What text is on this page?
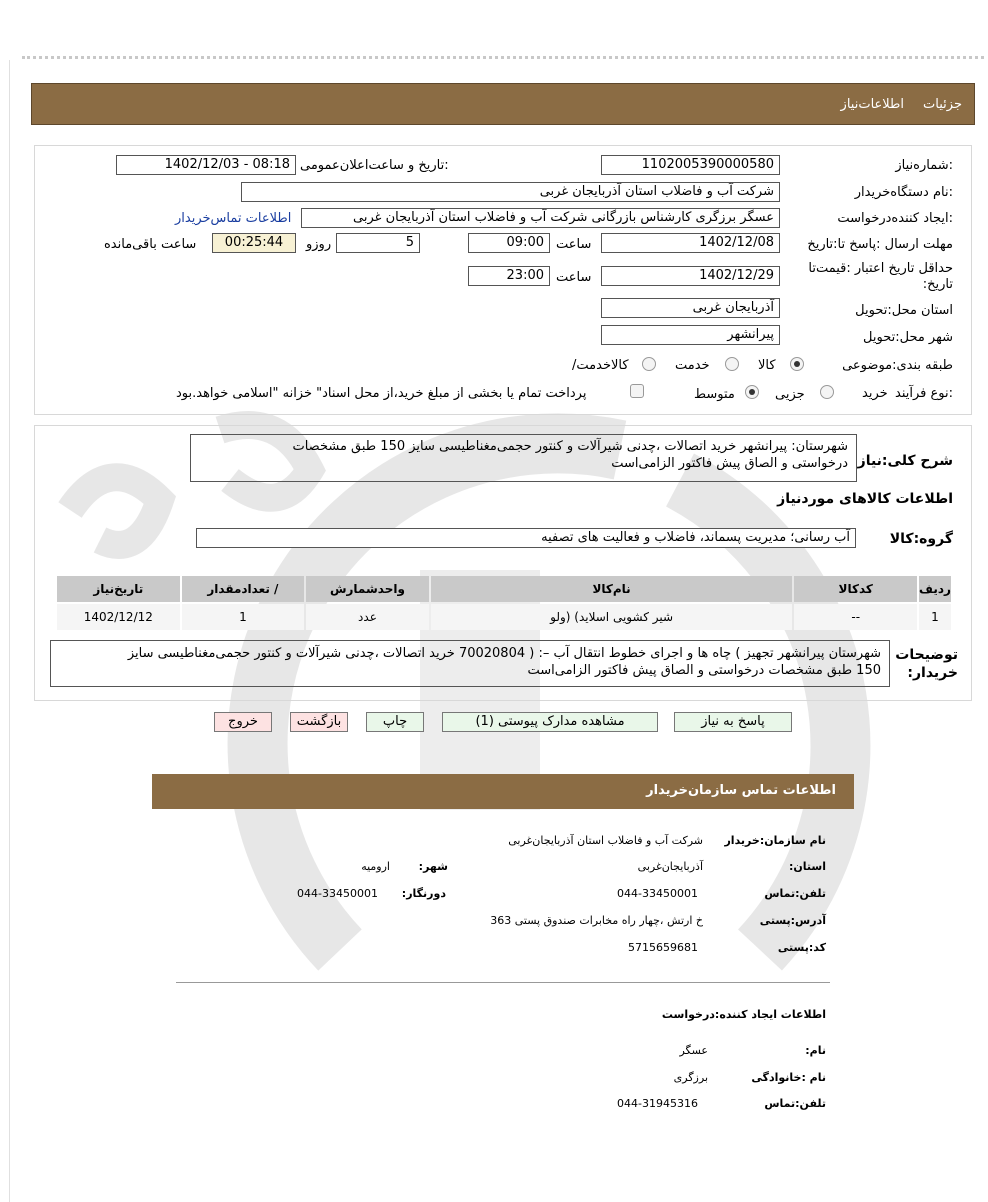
جزئیات
اطلاعات‌نیاز
شماره‌نیاز:
1102005390000580
تاریخ و ساعت‌اعلان‌عمومی:
1402/12/03 - 08:18
نام دستگاه‌خریدار:
شرکت آب و فاضلاب استان آذربایجان غربی
ایجاد کننده‌درخواست:
عسگر برزگری کارشناس بازرگانی شرکت آب و فاضلاب استان آذربایجان غربی
اطلاعات تماس‌خریدار
مهلت ارسال :پاسخ تا:تاریخ
1402/12/08
ساعت
09:00
5
روزو
00:25:44
ساعت باقی‌مانده
حداقل تاریخ اعتبار :قیمت‌تا
:تاریخ
1402/12/29
ساعت
23:00
استان محل:تحویل
آذربایجان غربی
شهر محل:تحویل
پیرانشهر
طبقه بندی:موضوعی
کالا
خدمت
/کالاخدمت
نوع فرآیند:
خرید
جزیی
متوسط
پرداخت تمام یا بخشی از مبلغ خرید،از محل اسناد" خزانه "اسلامی خواهد.بود
شرح کلی:نیاز
شهرستان: پیرانشهر خرید اتصالات ،چدنی شیرآلات و کنتور حجمی‌مغناطیسی سایز 150 طبق مشخصات
درخواستی و الصاق پیش فاکتور الزامی‌است
اطلاعات کالاهای موردنیاز
گروه:کالا
آب رسانی؛ مدیریت پسماند، فاضلاب و فعالیت های تصفیه
ردیف	کدکالا	نام‌کالا	واحدشمارش	/ تعدادمقدار	تاریخ‌نیاز
1	--	شیر کشویی اسلاید) (ولو	عدد	1	1402/12/12
توضیحات
:خریدار
شهرستان پیرانشهر تجهیز ) چاه ها و اجرای خطوط انتقال آب –: ( 70020804 خرید اتصالات ،چدنی شیرآلات و کنتور حجمی‌مغناطیسی سایز
150 طبق مشخصات درخواستی و الصاق پیش فاکتور الزامی‌است
پاسخ به نیاز
مشاهده مدارک پیوستی (1)
چاپ
بازگشت
خروج
اطلاعات تماس سازمان‌خریدار
نام سازمان:خریدار
شرکت آب و فاضلاب استان آذربایجان‌غربی
:استان
آذربایجان‌غربی
:شهر
ارومیه
تلفن:تماس
044-33450001
:دورنگار
044-33450001
آدرس:پستی
خ ارتش ،چهار راه مخابرات صندوق پستی 363
کد:پستی
5715659681
اطلاعات ایجاد کننده:درخواست
:نام
عسگر
نام :خانوادگی
برزگری
تلفن:تماس
044-31945316
